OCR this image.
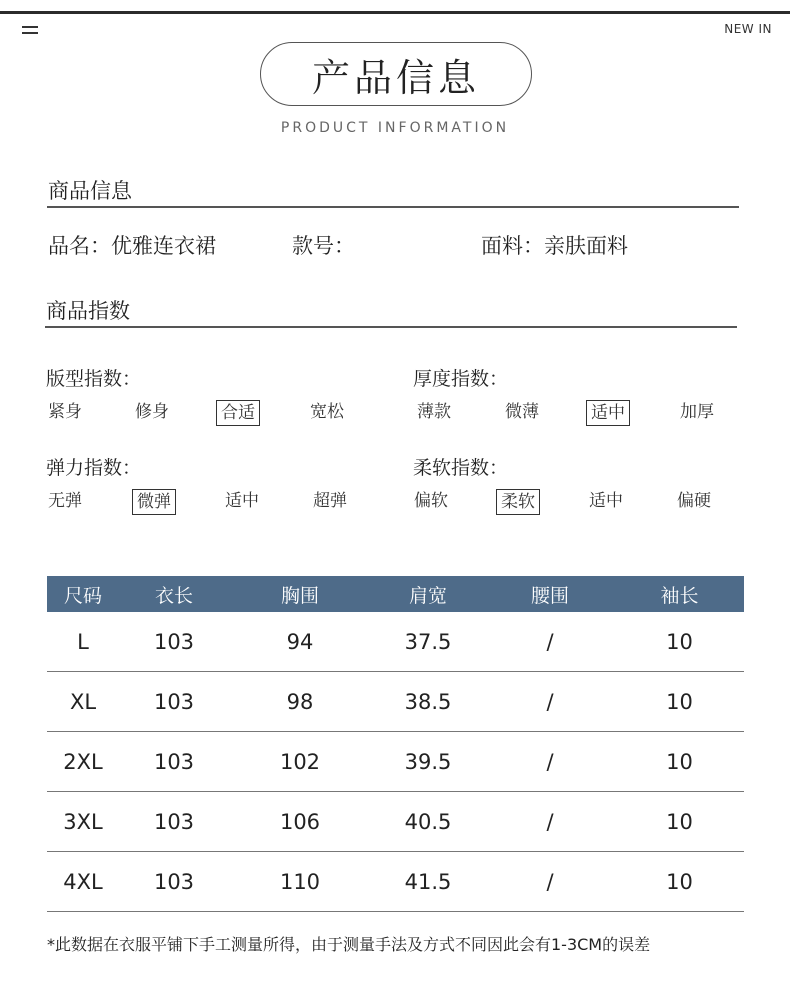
NEW IN
产品信息
PRODUCT INFORMATION
商品信息
品名：优雅连衣裙	款号：	面料：亲肤面料
商品指数
版型指数：
紧身	修身	合适	宽松
厚度指数：
薄款	微薄	适中	加厚
弹力指数：
无弹	微弹	适中	超弹
柔软指数：
偏软	柔软	适中	偏硬
尺码	衣长	胸围	肩宽	腰围	袖长
L	103	94	37.5	/	10
XL	103	98	38.5	/	10
2XL	103	102	39.5	/	10
3XL	103	106	40.5	/	10
4XL	103	110	41.5	/	10
*此数据在衣服平铺下手工测量所得，由于测量手法及方式不同因此会有1-3CM的误差
